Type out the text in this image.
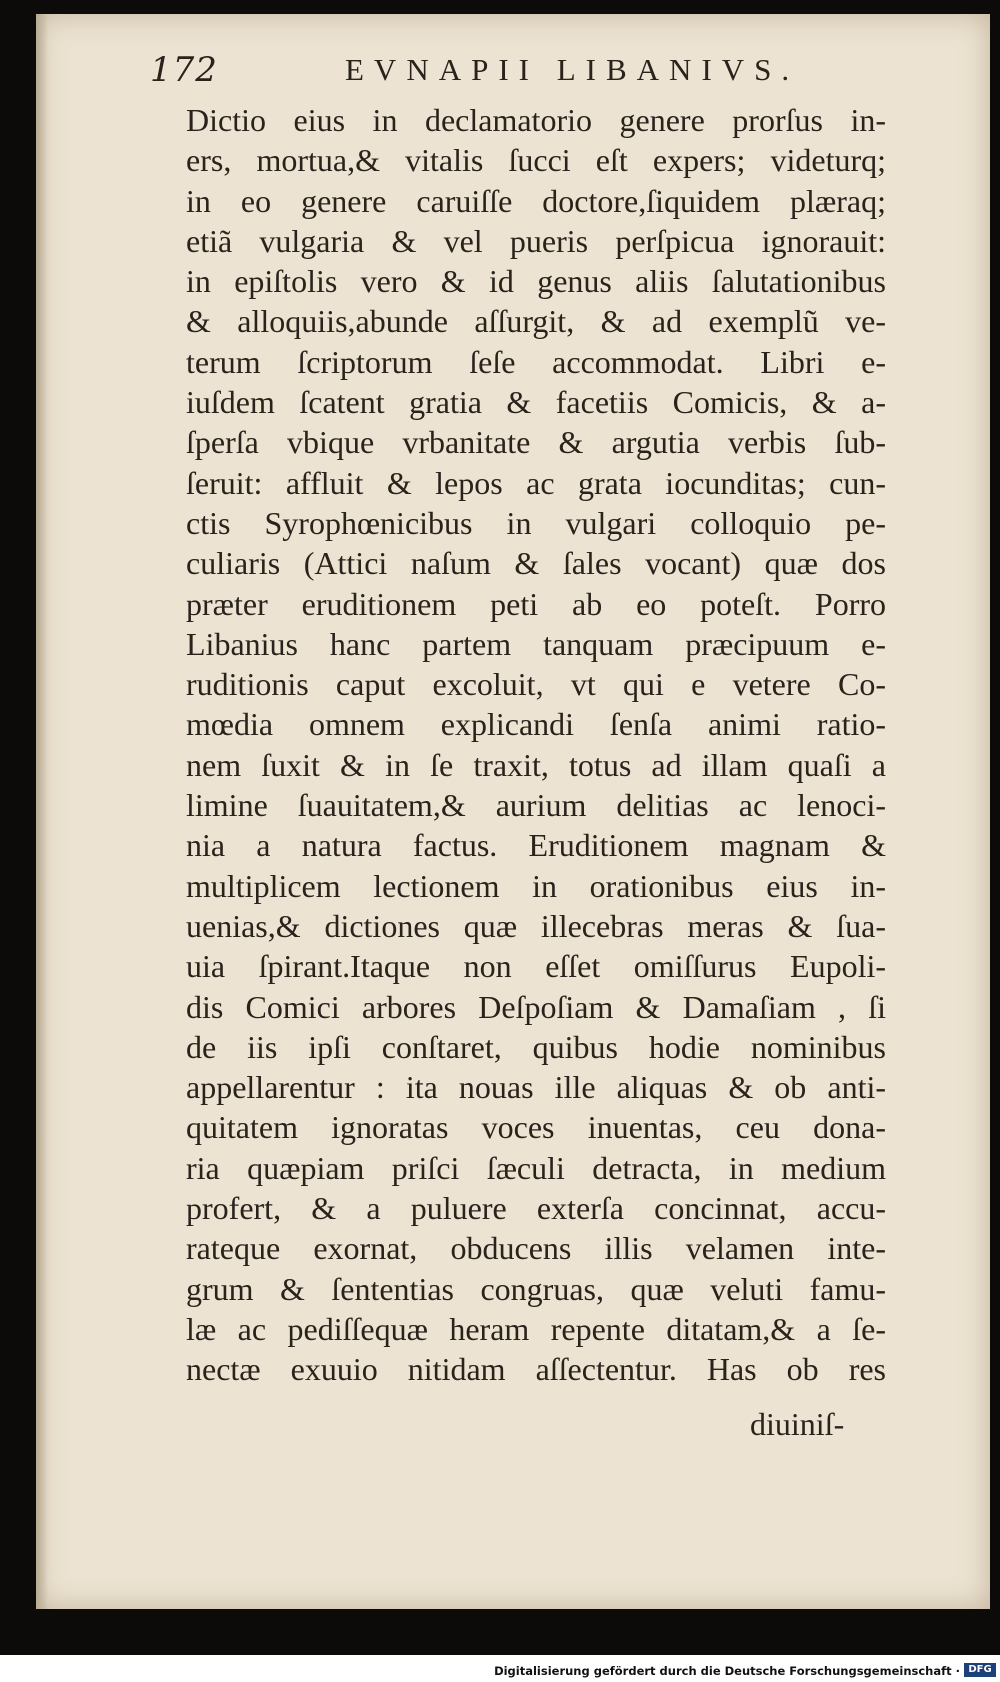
172	EVNAPII LIBANIVS.
Dictio eius in declamatorio genere prorſus in-
ers, mortua,& vitalis ſucci eſt expers; videturq;
in eo genere caruiſſe doctore,ſiquidem plæraq;
etiã vulgaria & vel pueris perſpicua ignorauit:
in epiſtolis vero & id genus aliis ſalutationibus
& alloquiis,abunde aſſurgit, & ad exemplũ ve-
terum ſcriptorum ſeſe accommodat. Libri e-
iuſdem ſcatent gratia & facetiis Comicis, & a-
ſperſa vbique vrbanitate & argutia verbis ſub-
ſeruit: affluit & lepos ac grata iocunditas; cun-
ctis Syrophœnicibus in vulgari colloquio pe-
culiaris (Attici naſum & ſales vocant) quæ dos
præter eruditionem peti ab eo poteſt. Porro
Libanius hanc partem tanquam præcipuum e-
ruditionis caput excoluit, vt qui e vetere Co-
mœdia omnem explicandi ſenſa animi ratio-
nem ſuxit & in ſe traxit, totus ad illam quaſi a
limine ſuauitatem,& aurium delitias ac lenoci-
nia a natura factus. Eruditionem magnam &
multiplicem lectionem in orationibus eius in-
uenias,& dictiones quæ illecebras meras & ſua-
uia ſpirant.Itaque non eſſet omiſſurus Eupoli-
dis Comici arbores Deſpoſiam & Damaſiam , ſi
de iis ipſi conſtaret, quibus hodie nominibus
appellarentur : ita nouas ille aliquas & ob anti-
quitatem ignoratas voces inuentas, ceu dona-
ria quæpiam priſci ſæculi detracta, in medium
profert, & a puluere exterſa concinnat, accu-
rateque exornat, obducens illis velamen inte-
grum & ſententias congruas, quæ veluti famu-
læ ac pediſſequæ heram repente ditatam,& a ſe-
nectæ exuuio nitidam aſſectentur. Has ob res
diuiniſ-
Digitalisierung gefördert durch die Deutsche Forschungsgemeinschaft · DFG
